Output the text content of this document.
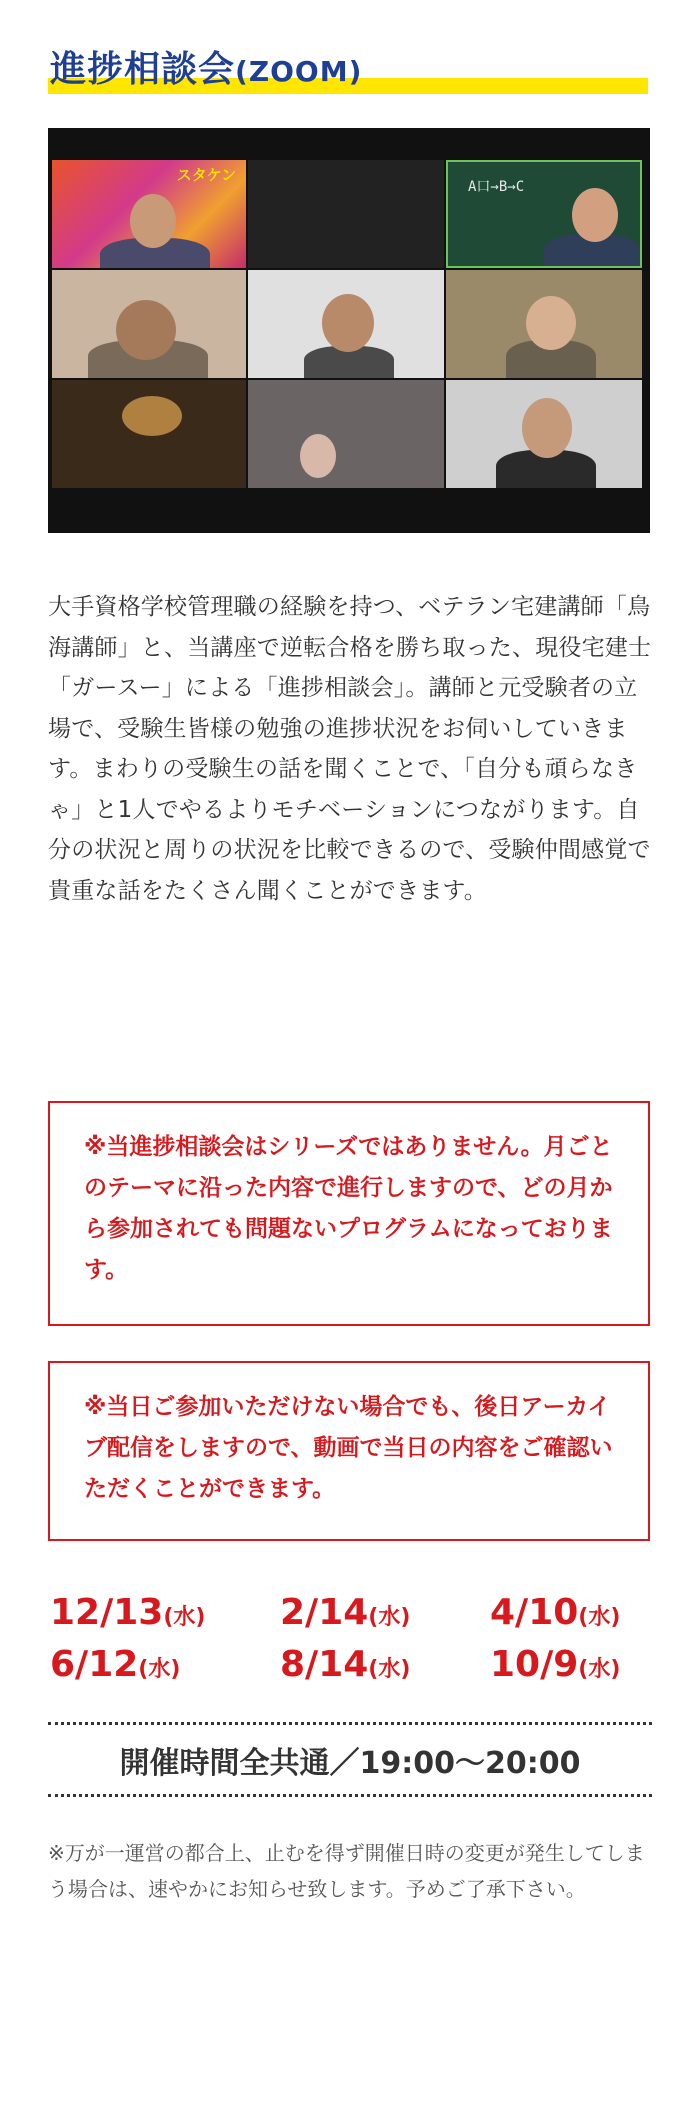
進捗相談会(ZOOM)
スタケン
A口→B→C

大手資格学校管理職の経験を持つ、ベテラン宅建講師「鳥海講師」と、当講座で逆転合格を勝ち取った、現役宅建士「ガースー」による「進捗相談会」。講師と元受験者の立場で、受験生皆様の勉強の進捗状況をお伺いしていきます。まわりの受験生の話を聞くことで、「自分も頑らなきゃ」と1人でやるよりモチベーションにつながります。自分の状況と周りの状況を比較できるので、受験仲間感覚で貴重な話をたくさん聞くことができます。

※当進捗相談会はシリーズではありません。月ごとのテーマに沿った内容で進行しますので、どの月から参加されても問題ないプログラムになっております。

※当日ご参加いただけない場合でも、後日アーカイブ配信をしますので、動画で当日の内容をご確認いただくことができます。

12/13(水) 2/14(水) 4/10(水)
6/12(水)	8/14(水) 10/9(水)
開催時間全共通／19:00〜20:00

※万が一運営の都合上、止むを得ず開催日時の変更が発生してしまう場合は、速やかにお知らせ致します。予めご了承下さい。
